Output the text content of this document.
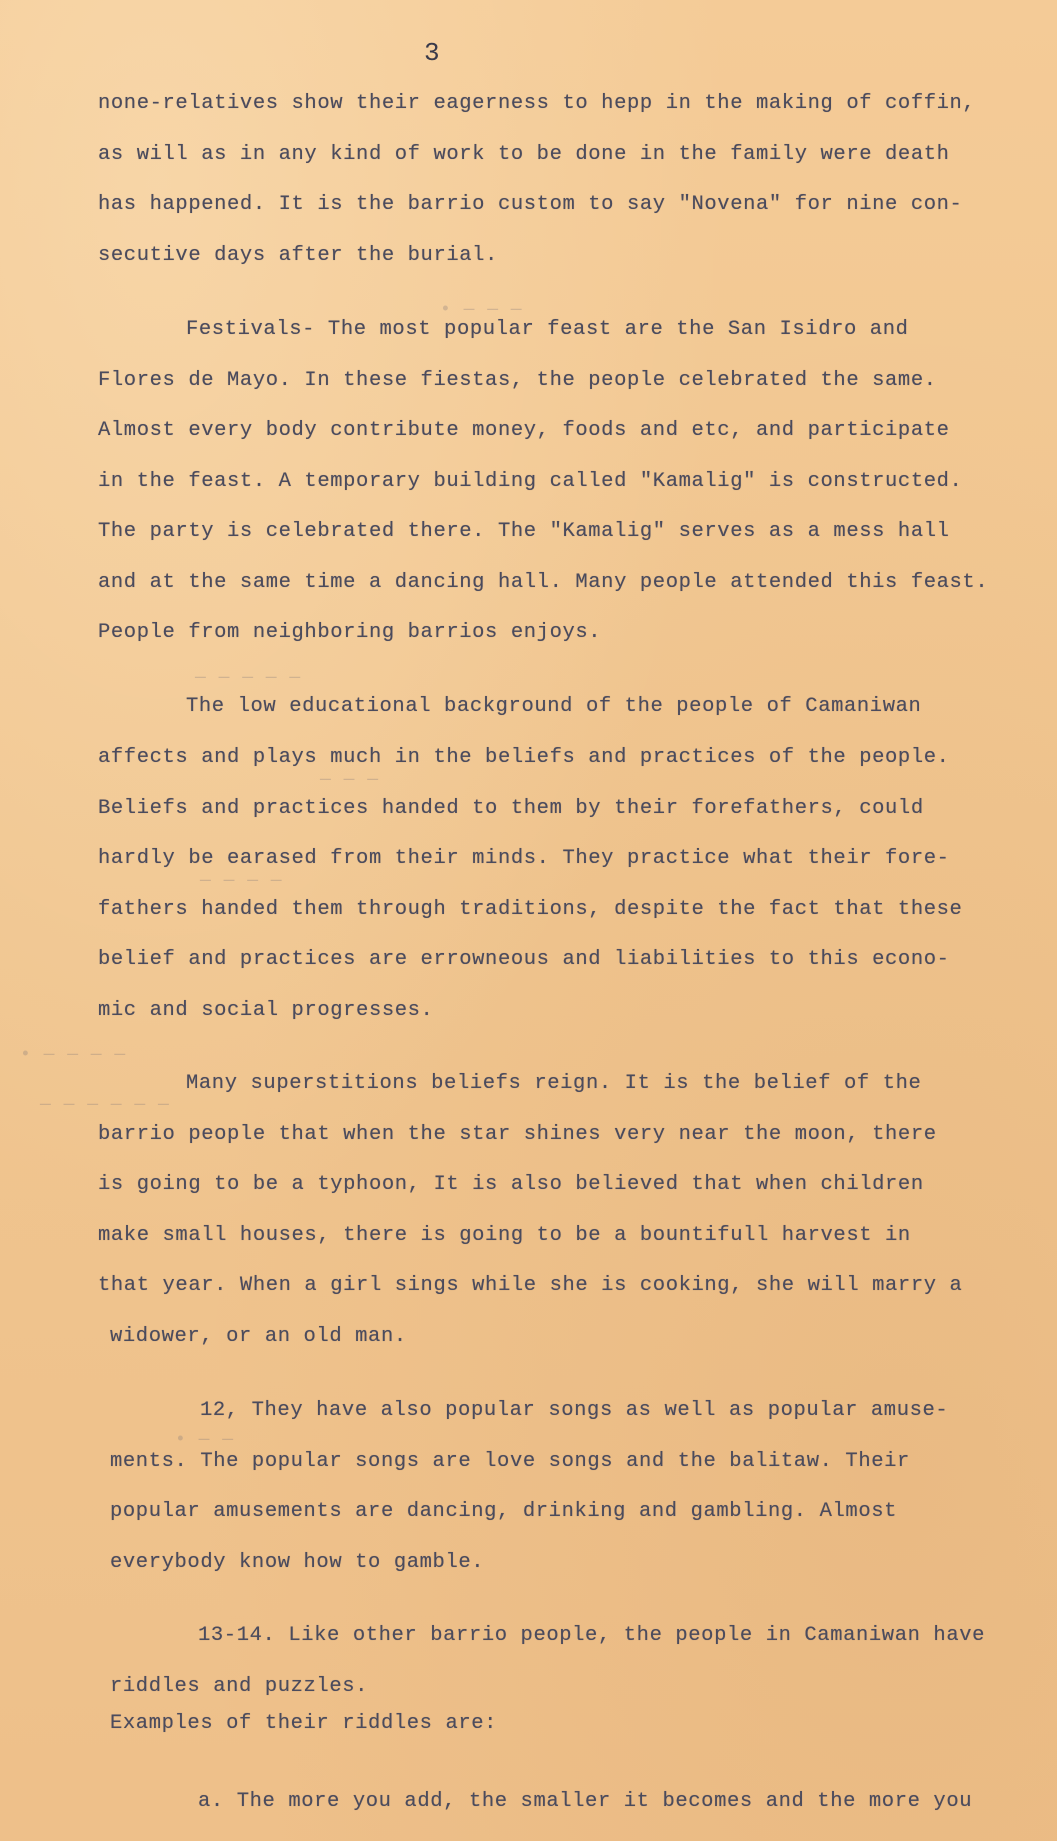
3
• — — —
— — — — —
— — —
— — — —
• — — — —
— — — — — —
• — —
none-relatives show their eagerness to hepp in the making of coffin,
as will as in any kind of work to be done in the family were death
has happened. It is the barrio custom to say "Novena" for nine con-
secutive days after the burial.
Festivals- The most popular feast are the San Isidro and
Flores de Mayo. In these fiestas, the people celebrated the same.
Almost every body contribute money, foods and etc, and participate
in the feast. A temporary building called "Kamalig" is constructed.
The party is celebrated there. The "Kamalig" serves as a mess hall
and at the same time a dancing hall. Many people attended this feast.
People from neighboring barrios enjoys.
The low educational background of the people of Camaniwan
affects and plays much in the beliefs and practices of the people.
Beliefs and practices handed to them by their forefathers, could
hardly be earased from their minds. They practice what their fore-
fathers handed them through traditions, despite the fact that these
belief and practices are errowneous and liabilities to this econo-
mic and social progresses.
Many superstitions beliefs reign. It is the belief of the
barrio people that when the star shines very near the moon, there
is going to be a typhoon, It is also believed that when children
make small houses, there is going to be a bountifull harvest in
that year. When a girl sings while she is cooking, she will marry a
widower, or an old man.
12, They have also popular songs as well as popular amuse-
ments. The popular songs are love songs and the balitaw. Their
popular amusements are dancing, drinking and gambling. Almost
everybody know how to gamble.
13-14. Like other barrio people, the people in Camaniwan have
riddles and puzzles.
Examples of their riddles are:
a. The more you add, the smaller it becomes and the more you
